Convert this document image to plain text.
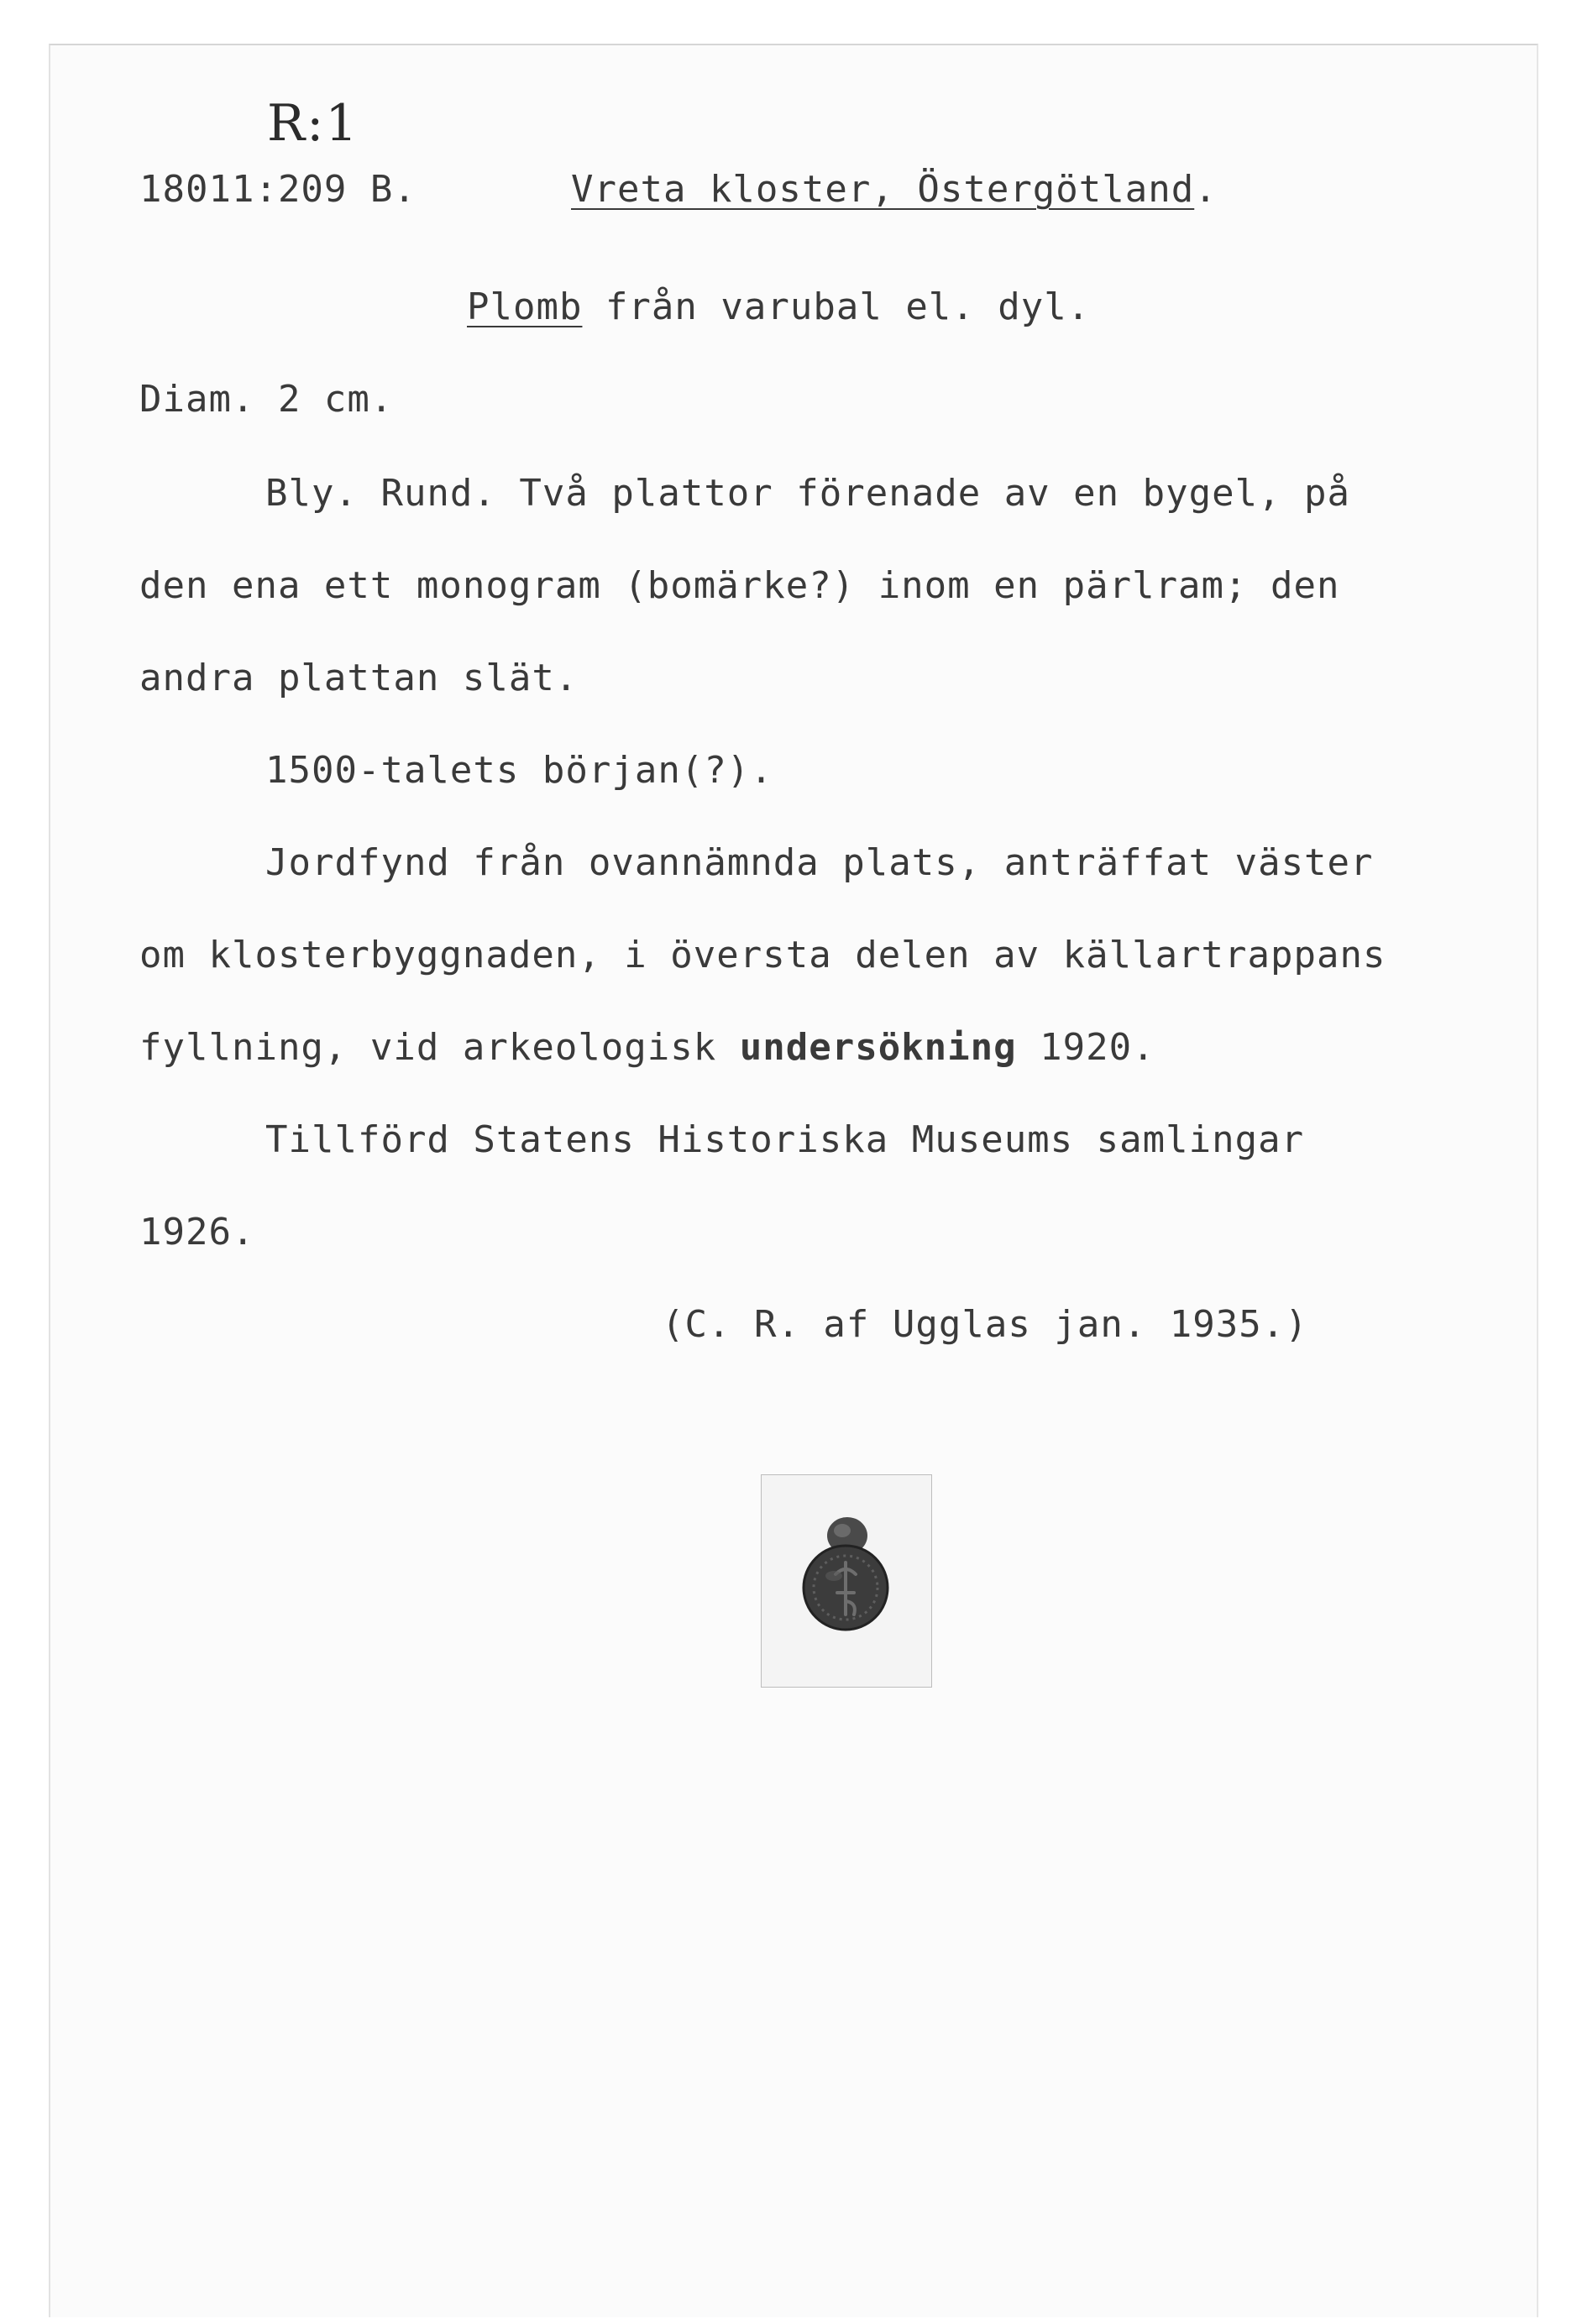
R:1
18011:209 B.	Vreta kloster, Östergötland.
Plomb från varubal el. dyl.
Diam. 2 cm.
Bly. Rund. Två plattor förenade av en bygel, på
den ena ett monogram (bomärke?) inom en pärlram; den
andra plattan slät.
1500-talets början(?).
Jordfynd från ovannämnda plats, anträffat väster
om klosterbyggnaden, i översta delen av källartrappans
fyllning, vid arkeologisk undersökning 1920.
Tillförd Statens Historiska Museums samlingar
1926.
(C. R. af Ugglas jan. 1935.)
